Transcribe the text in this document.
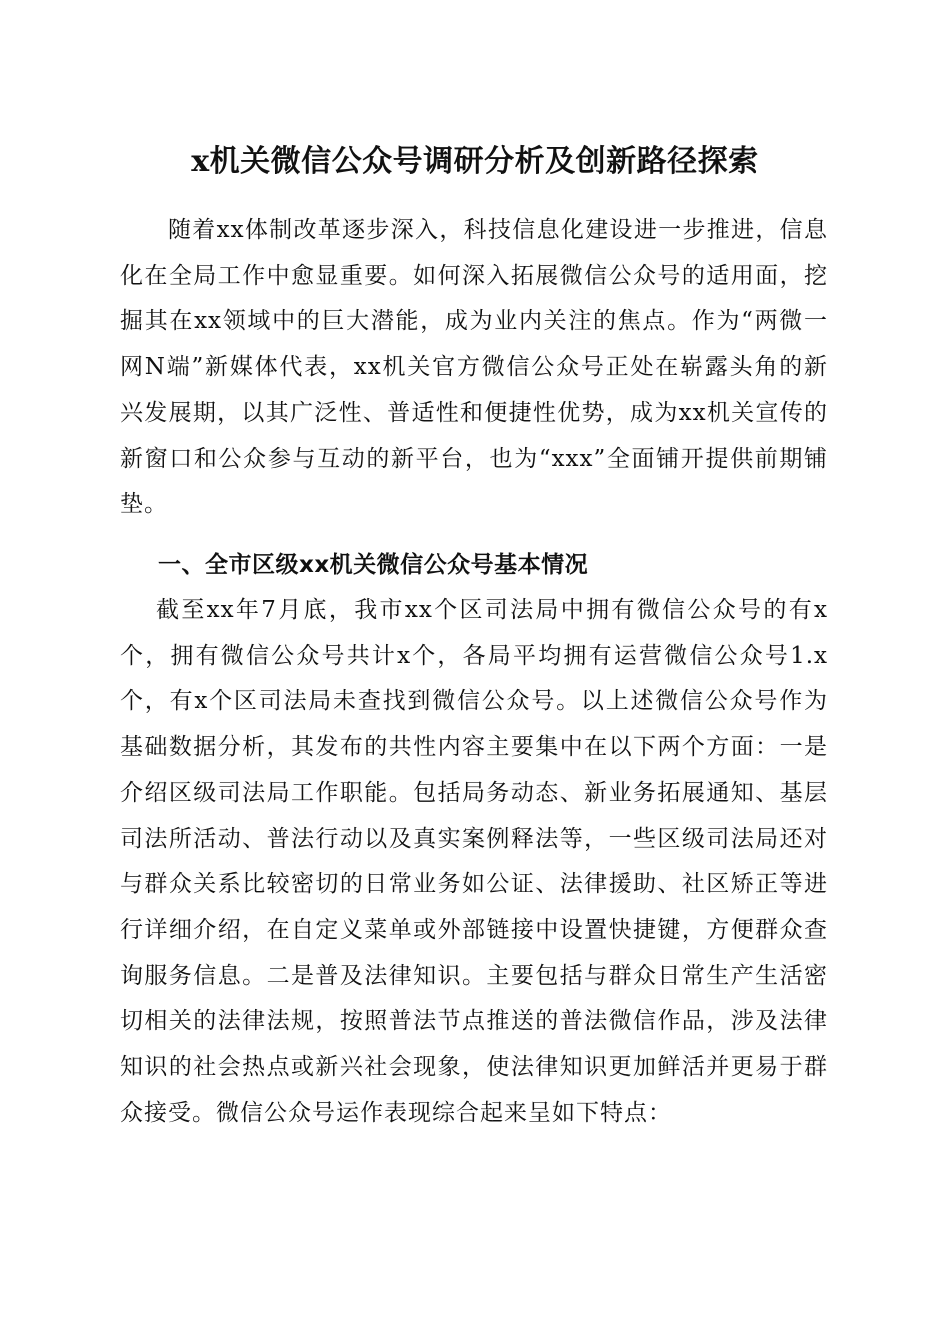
x机关微信公众号调研分析及创新路径探索

随着xx体制改革逐步深入，科技信息化建设进一步推进，信息化在全局工作中愈显重要。如何深入拓展微信公众号的适用面，挖掘其在xx领域中的巨大潜能，成为业内关注的焦点。作为“两微一网N端”新媒体代表，xx机关官方微信公众号正处在崭露头角的新兴发展期，以其广泛性、普适性和便捷性优势，成为xx机关宣传的新窗口和公众参与互动的新平台，也为“xxx”全面铺开提供前期铺垫。

一、全市区级xx机关微信公众号基本情况

截至xx年7月底，我市xx个区司法局中拥有微信公众号的有x个，拥有微信公众号共计x个，各局平均拥有运营微信公众号1.x个，有x个区司法局未查找到微信公众号。以上述微信公众号作为基础数据分析，其发布的共性内容主要集中在以下两个方面：一是介绍区级司法局工作职能。包括局务动态、新业务拓展通知、基层司法所活动、普法行动以及真实案例释法等，一些区级司法局还对与群众关系比较密切的日常业务如公证、法律援助、社区矫正等进行详细介绍，在自定义菜单或外部链接中设置快捷键，方便群众查询服务信息。二是普及法律知识。主要包括与群众日常生产生活密切相关的法律法规，按照普法节点推送的普法微信作品，涉及法律知识的社会热点或新兴社会现象，使法律知识更加鲜活并更易于群众接受。微信公众号运作表现综合起来呈如下特点：
